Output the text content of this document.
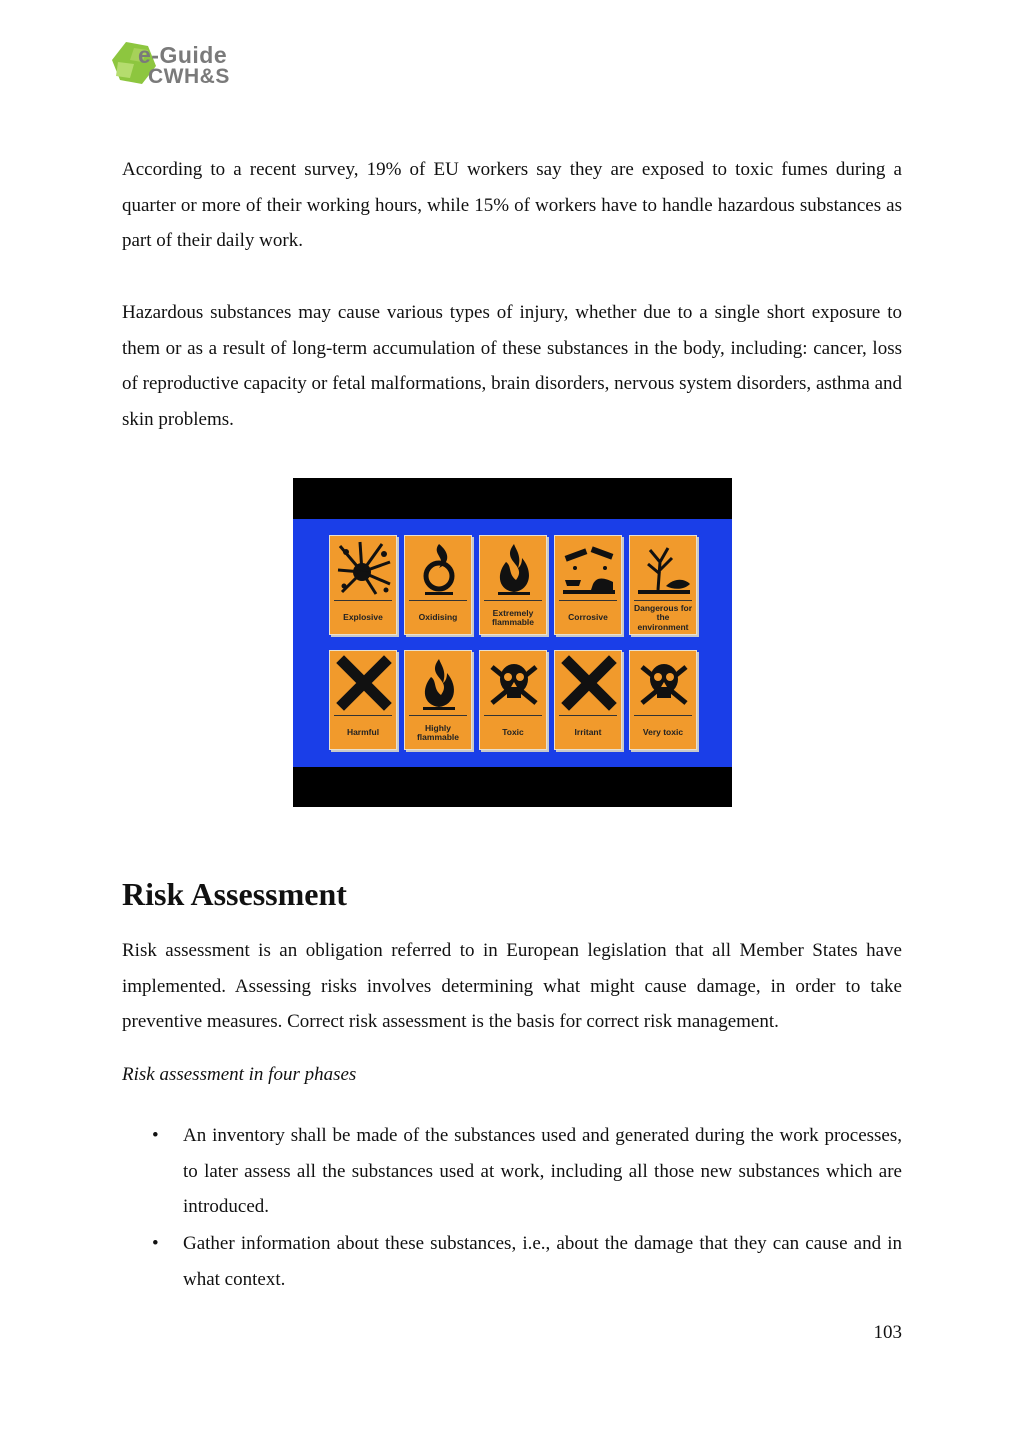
e-Guide
CWH&S

According to a recent survey, 19% of EU workers say they are exposed to toxic fumes during a quarter or more of their working hours, while 15% of workers have to handle hazardous substances as part of their daily work.

Hazardous substances may cause various types of injury, whether due to a single short exposure to them or as a result of long-term accumulation of these substances in the body, including: cancer, loss of reproductive capacity or fetal malformations, brain disorders, nervous system disorders, asthma and skin problems.

Explosive	Oxidising	Extremely flammable	Corrosive
Dangerous for the environment
Harmful	Highly flammable	Toxic	Irritant	Very toxic
Risk Assessment

Risk assessment is an obligation referred to in European legislation that all Member States have implemented. Assessing risks involves determining what might cause damage, in order to take preventive measures. Correct risk assessment is the basis for correct risk management.

Risk assessment in four phases
• An inventory shall be made of the substances used and generated during the work processes, to later assess all the substances used at work, including all those new substances which are introduced.
• Gather information about these substances, i.e., about the damage that they can cause and in what context.
103
